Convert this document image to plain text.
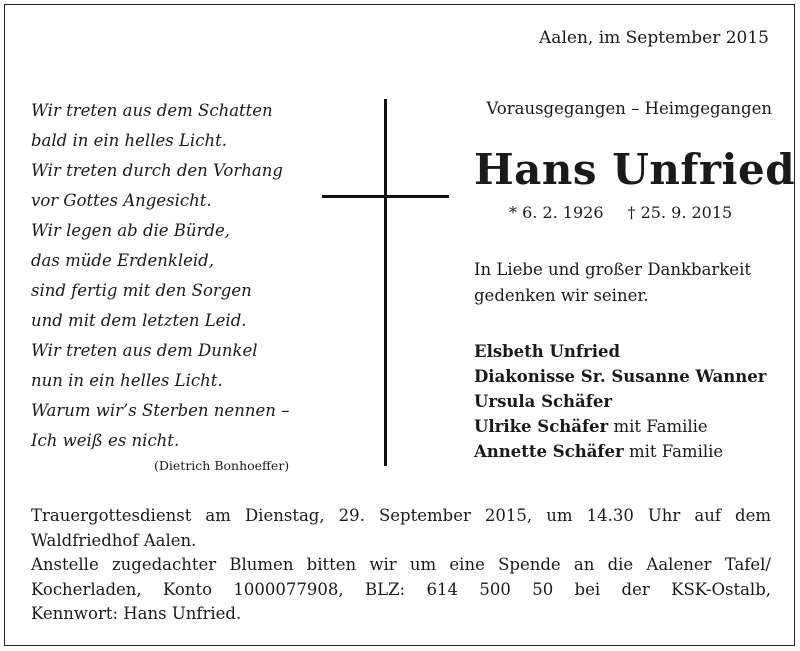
Aalen, im September 2015
Wir treten aus dem Schatten
bald in ein helles Licht.
Wir treten durch den Vorhang
vor Gottes Angesicht.
Wir legen ab die Bürde,
das müde Erdenkleid,
sind fertig mit den Sorgen
und mit dem letzten Leid.
Wir treten aus dem Dunkel
nun in ein helles Licht.
Warum wir’s Sterben nennen –
Ich weiß es nicht.
(Dietrich Bonhoeffer)
Vorausgegangen – Heimgegangen
Hans Unfried
* 6. 2. 1926 † 25. 9. 2015
In Liebe und großer Dankbarkeit
gedenken wir seiner.
Elsbeth Unfried
Diakonisse Sr. Susanne Wanner
Ursula Schäfer
Ulrike Schäfer mit Familie
Annette Schäfer mit Familie

Trauergottesdienst am Dienstag, 29. September 2015, um 14.30 Uhr auf dem

Waldfriedhof Aalen.

Anstelle zugedachter Blumen bitten wir um eine Spende an die Aalener Tafel/

Kocherladen, Konto 1000077908, BLZ: 614 500 50 bei der KSK-Ostalb,

Kennwort: Hans Unfried.
